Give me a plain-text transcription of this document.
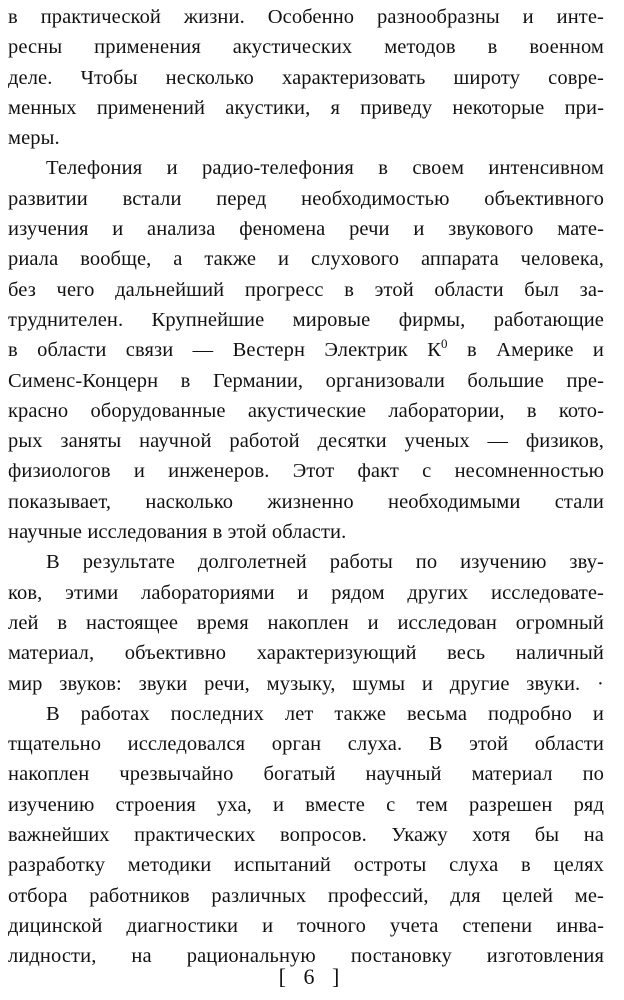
в практической жизни. Особенно разнообразны и инте-
ресны применения акустических методов в военном
деле. Чтобы несколько характеризовать широту совре-
менных применений акустики, я приведу некоторые при-
меры.
Телефония и радио-телефония в своем интенсивном
развитии встали перед необходимостью объективного
изучения и анализа феномена речи и звукового мате-
риала вообще, а также и слухового аппарата человека,
без чего дальнейший прогресс в этой области был за-
труднителен. Крупнейшие мировые фирмы, работающие
в области связи — Вестерн Электрик $К^0$ в Америке и
Сименс-Концерн в Германии, организовали большие пре-
красно оборудованные акустические лаборатории, в кото-
рых заняты научной работой десятки ученых — физиков,
физиологов и инженеров. Этот факт с несомненностью
показывает, насколько жизненно необходимыми стали
научные исследования в этой области.
В результате долголетней работы по изучению зву-
ков, этими лабораториями и рядом других исследовате-
лей в настоящее время накоплен и исследован огромный
материал, объективно характеризующий весь наличный
мир звуков: звуки речи, музыку, шумы и другие звуки. ·
В работах последних лет также весьма подробно и
тщательно исследовался орган слуха. В этой области
накоплен чрезвычайно богатый научный материал по
изучению строения уха, и вместе с тем разрешен ряд
важнейших практических вопросов. Укажу хотя бы на
разработку методики испытаний остроты слуха в целях
отбора работников различных профессий, для целей ме-
дицинской диагностики и точного учета степени инва-
лидности, на рациональную постановку изготовления
[ 6 ]
